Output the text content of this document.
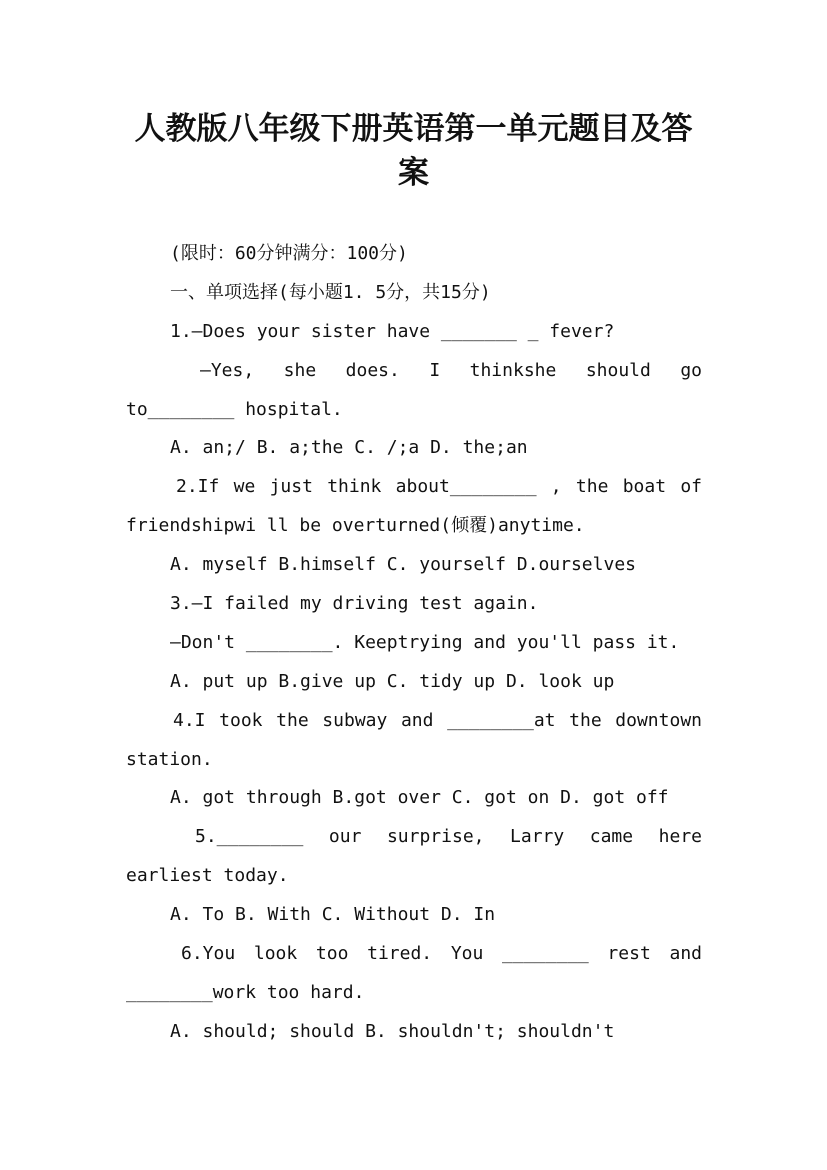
人教版八年级下册英语第一单元题目及答
案
(限时：60分钟满分：100分)
一、单项选择(每小题1. 5分，共15分)
1.—Does your sister have _______ _ fever?
—Yes, she does. I thinkshe should go
to________ hospital.
A. an;/ B. a;the C. /;a D. the;an
2.If we just think about________ , the boat of
friendshipwi ll be overturned(倾覆)anytime.
A. myself B.himself C. yourself D.ourselves
3.—I failed my driving test again.
—Don't ________. Keeptrying and you'll pass it.
A. put up B.give up C. tidy up D. look up
4.I took the subway and ________at the downtown
station.
A. got through B.got over C. got on D. got off
5.________ our surprise, Larry came here
earliest today.
A. To B. With C. Without D. In
6.You look too tired. You ________ rest and
________work too hard.
A. should; should B. shouldn't; shouldn't
